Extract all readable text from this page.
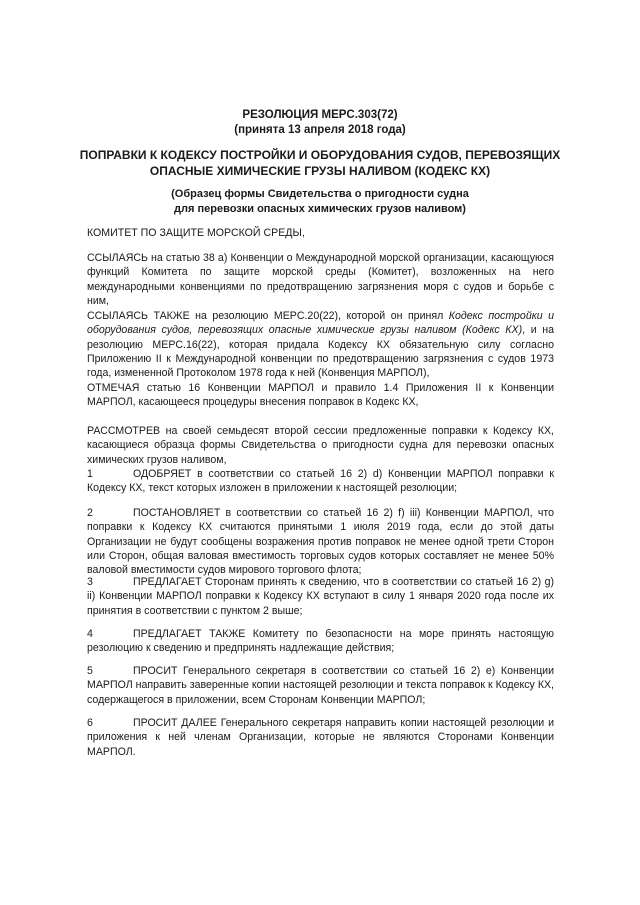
РЕЗОЛЮЦИЯ MEPC.303(72)
(принята 13 апреля 2018 года)
ПОПРАВКИ К КОДЕКСУ ПОСТРОЙКИ И ОБОРУДОВАНИЯ СУДОВ, ПЕРЕВОЗЯЩИХ
ОПАСНЫЕ ХИМИЧЕСКИЕ ГРУЗЫ НАЛИВОМ (КОДЕКС КХ)
(Образец формы Свидетельства о пригодности судна
для перевозки опасных химических грузов наливом)
КОМИТЕТ ПО ЗАЩИТЕ МОРСКОЙ СРЕДЫ,
ССЫЛАЯСЬ на статью 38 а) Конвенции о Международной морской организации, касающуюся функций Комитета по защите морской среды (Комитет), возложенных на него международными конвенциями по предотвращению загрязнения моря с судов и борьбе с ним,
ССЫЛАЯСЬ ТАКЖЕ на резолюцию MEPC.20(22), которой он принял Кодекс постройки и оборудования судов, перевозящих опасные химические грузы наливом (Кодекс КХ), и на резолюцию MEPC.16(22), которая придала Кодексу КХ обязательную силу согласно Приложению II к Международной конвенции по предотвращению загрязнения с судов 1973 года, измененной Протоколом 1978 года к ней (Конвенция МАРПОЛ),
ОТМЕЧАЯ статью 16 Конвенции МАРПОЛ и правило 1.4 Приложения II к Конвенции МАРПОЛ, касающееся процедуры внесения поправок в Кодекс КХ,
РАССМОТРЕВ на своей семьдесят второй сессии предложенные поправки к Кодексу КХ, касающиеся образца формы Свидетельства о пригодности судна для перевозки опасных химических грузов наливом,
1	ОДОБРЯЕТ в соответствии со статьей 16 2) d) Конвенции МАРПОЛ поправки к Кодексу КХ, текст которых изложен в приложении к настоящей резолюции;
2	ПОСТАНОВЛЯЕТ в соответствии со статьей 16 2) f) iii) Конвенции МАРПОЛ, что поправки к Кодексу КХ считаются принятыми 1 июля 2019 года, если до этой даты Организации не будут сообщены возражения против поправок не менее одной трети Сторон или Сторон, общая валовая вместимость торговых судов которых составляет не менее 50% валовой вместимости судов мирового торгового флота;
3	ПРЕДЛАГАЕТ Сторонам принять к сведению, что в соответствии со статьей 16 2) g) ii) Конвенции МАРПОЛ поправки к Кодексу КХ вступают в силу 1 января 2020 года после их принятия в соответствии с пунктом 2 выше;
4	ПРЕДЛАГАЕТ ТАКЖЕ Комитету по безопасности на море принять настоящую резолюцию к сведению и предпринять надлежащие действия;
5	ПРОСИТ Генерального секретаря в соответствии со статьей 16 2) e) Конвенции МАРПОЛ направить заверенные копии настоящей резолюции и текста поправок к Кодексу КХ, содержащегося в приложении, всем Сторонам Конвенции МАРПОЛ;
6	ПРОСИТ ДАЛЕЕ Генерального секретаря направить копии настоящей резолюции и приложения к ней членам Организации, которые не являются Сторонами Конвенции МАРПОЛ.
